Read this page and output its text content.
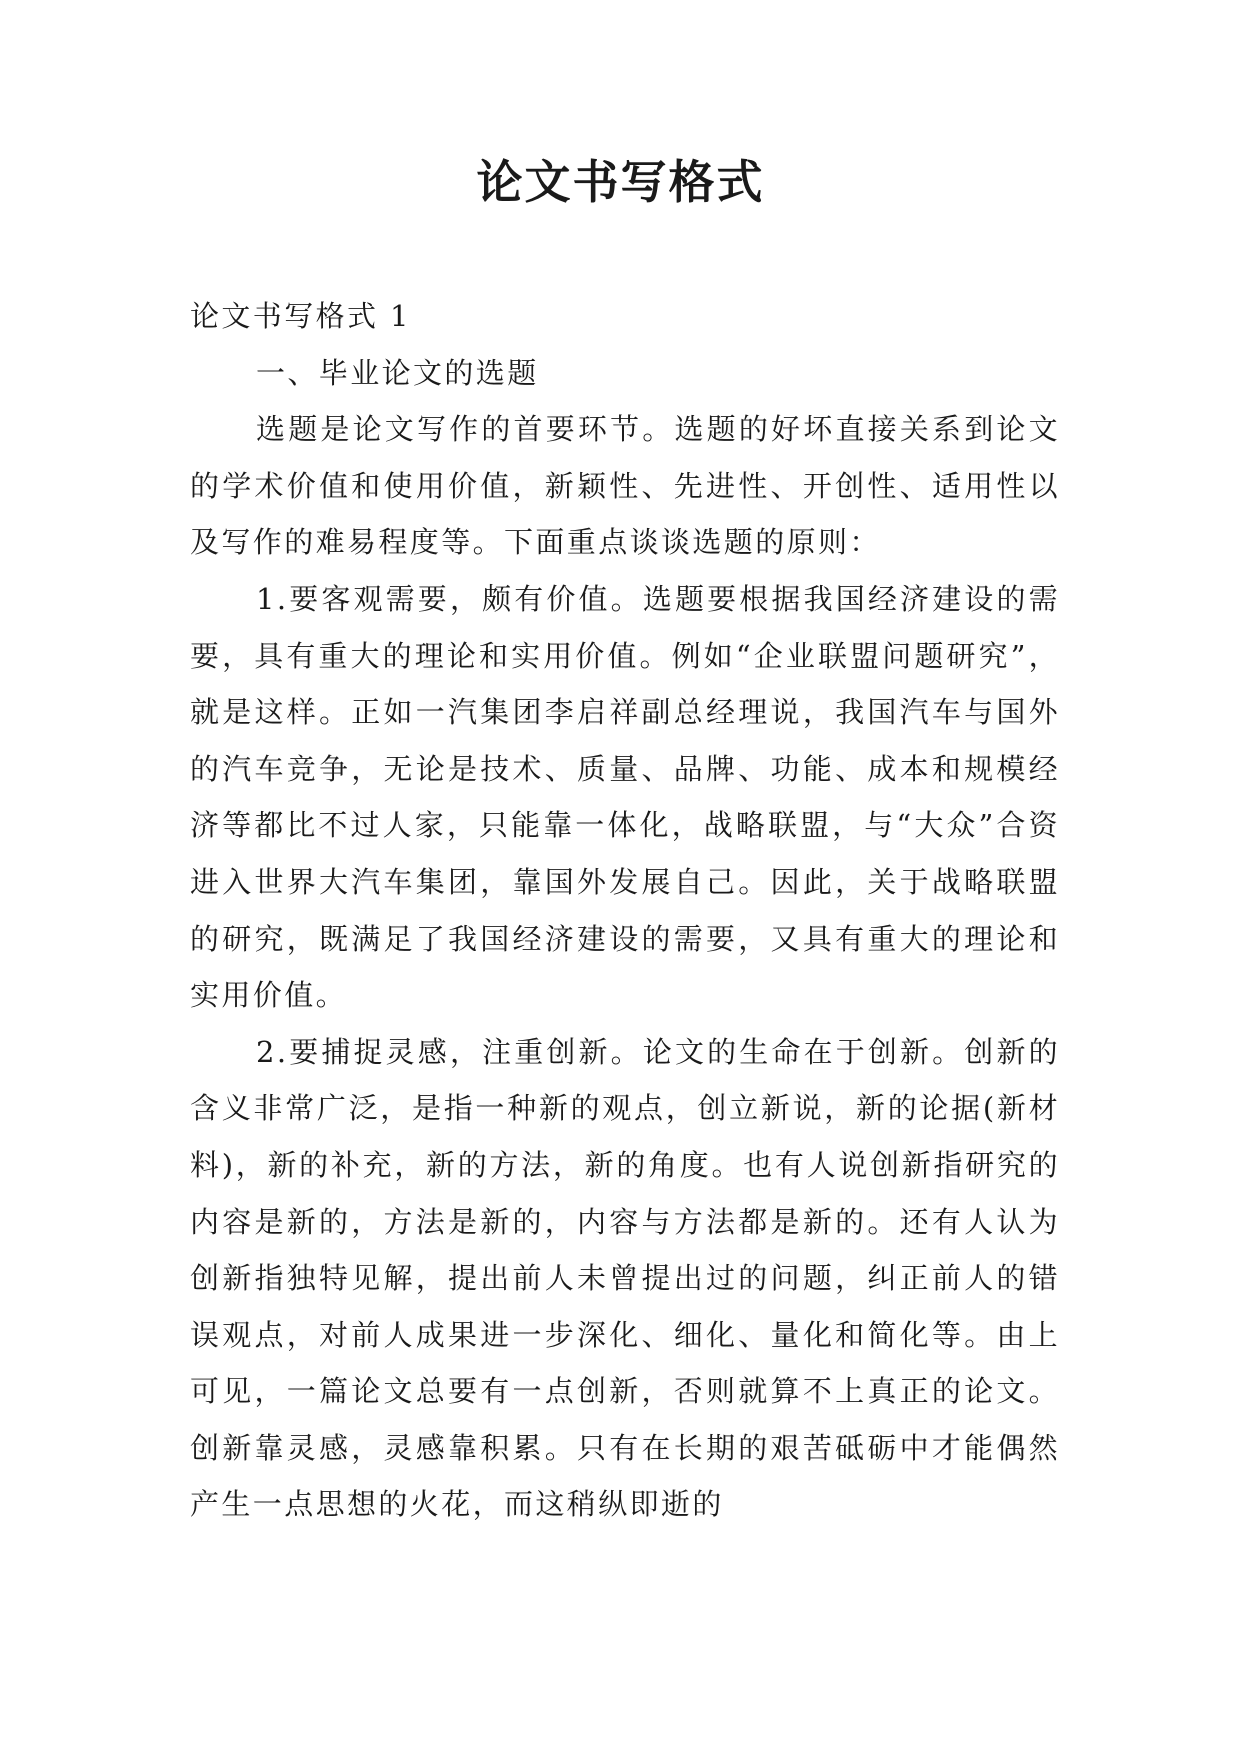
论文书写格式

论文书写格式 1

一、毕业论文的选题

选题是论文写作的首要环节。选题的好坏直接关系到论文的学术价值和使用价值，新颖性、先进性、开创性、适用性以及写作的难易程度等。下面重点谈谈选题的原则：

1.要客观需要，颇有价值。选题要根据我国经济建设的需要，具有重大的理论和实用价值。例如“企业联盟问题研究”，就是这样。正如一汽集团李启祥副总经理说，我国汽车与国外的汽车竞争，无论是技术、质量、品牌、功能、成本和规模经济等都比不过人家，只能靠一体化，战略联盟，与“大众”合资进入世界大汽车集团，靠国外发展自己。因此，关于战略联盟的研究，既满足了我国经济建设的需要，又具有重大的理论和实用价值。

2.要捕捉灵感，注重创新。论文的生命在于创新。创新的含义非常广泛，是指一种新的观点，创立新说，新的论据(新材料)，新的补充，新的方法，新的角度。也有人说创新指研究的内容是新的，方法是新的，内容与方法都是新的。还有人认为创新指独特见解，提出前人未曾提出过的问题，纠正前人的错误观点，对前人成果进一步深化、细化、量化和简化等。由上可见，一篇论文总要有一点创新，否则就算不上真正的论文。创新靠灵感，灵感靠积累。只有在长期的艰苦砥砺中才能偶然产生一点思想的火花，而这稍纵即逝的
